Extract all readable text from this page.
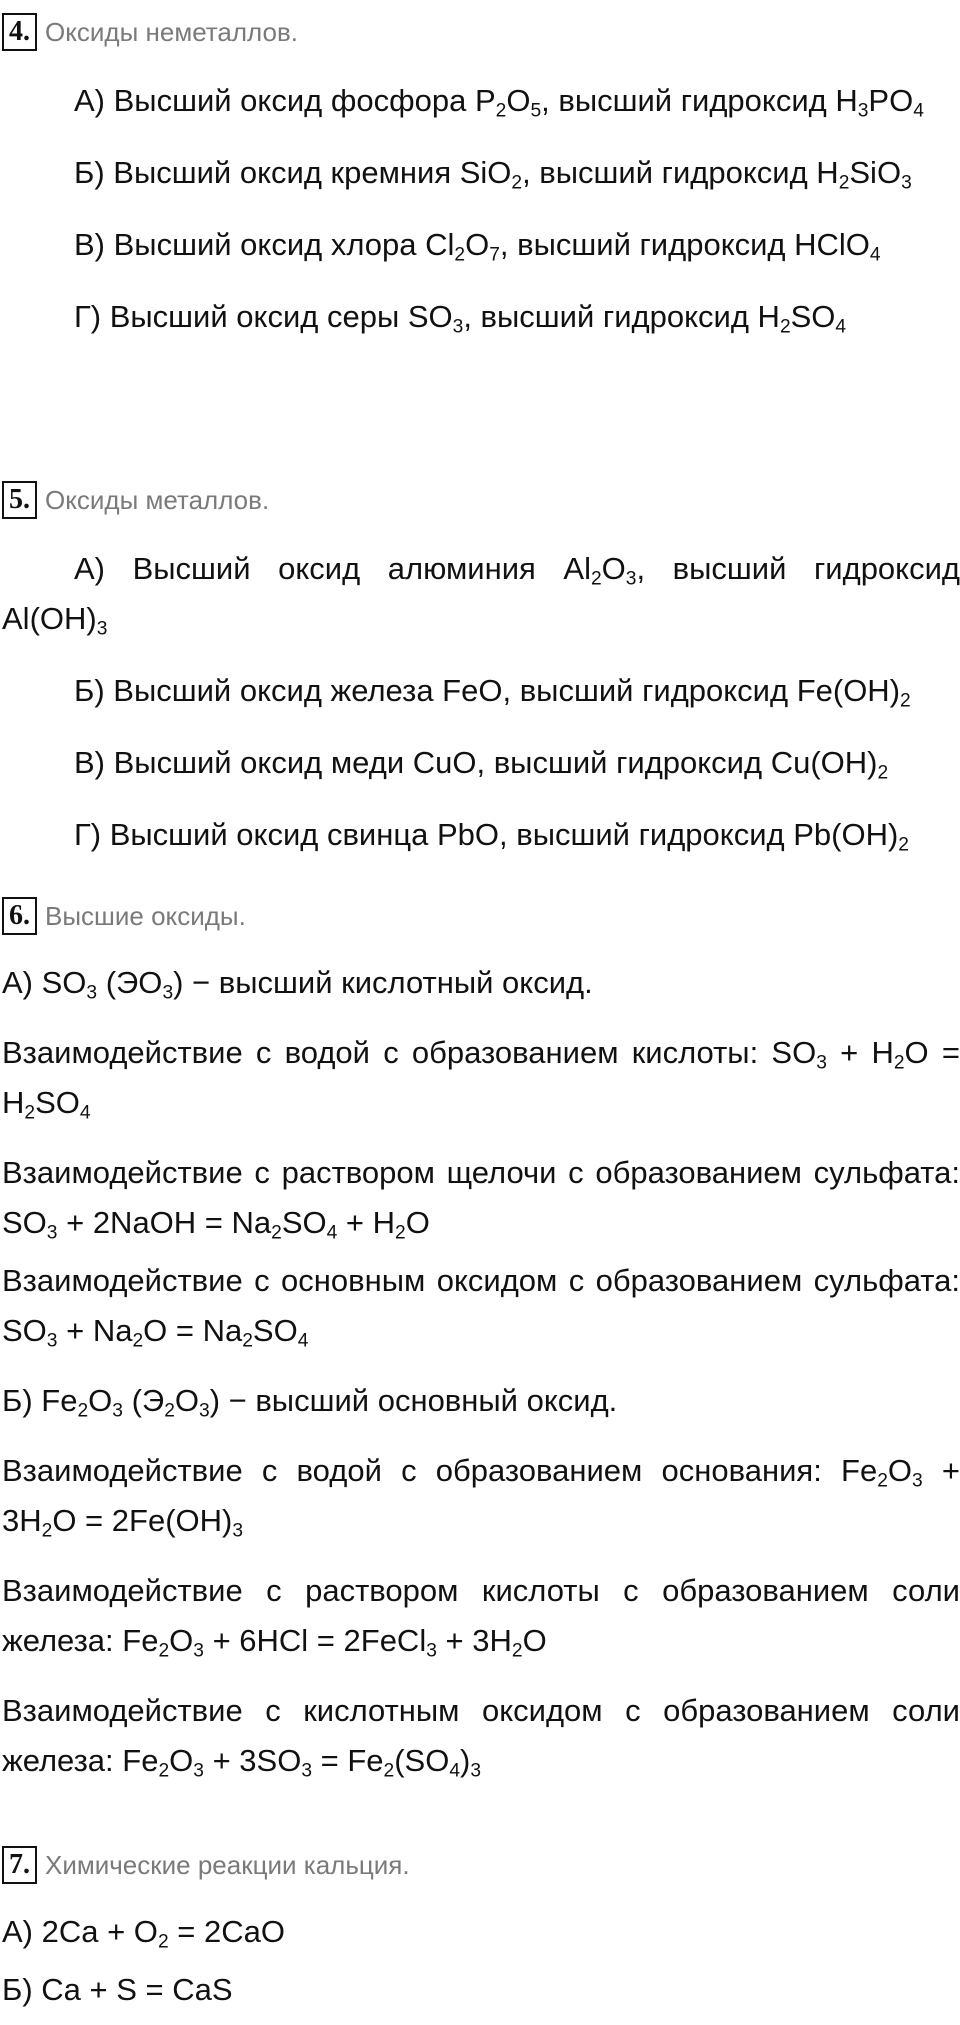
4. Оксиды неметаллов.

А) Высший оксид фосфора $P_2O_5$, высший гидроксид $H_3PO_4$

Б) Высший оксид кремния SiO$_2$, высший гидроксид $H_2SiO_3$

В) Высший оксид хлора $Cl_2O_7$, высший гидроксид HClO$_4$

Г) Высший оксид серы $SO_3$, высший гидроксид $H_2SO_4$

5. Оксиды металлов.

А) Высший оксид алюминия $Al_2O_3$, высший гидроксид $Al(OH)_3$

Б) Высший оксид железа FeO, высший гидроксид $Fe(OH)_2$

В) Высший оксид меди CuO, высший гидроксид $Cu(OH)_2$

Г) Высший оксид свинца PbO, высший гидроксид $Pb(OH)_2$

6. Высшие оксиды.

А) $SO_3$ $(ЭO_3)$ − высший кислотный оксид.

Взаимодействие с водой с образованием кислоты: $SO_3 + H_2O = H_2SO_4$

Взаимодействие с раствором щелочи с образованием сульфата: $SO_3$ + 2NaOH = $Na_2SO_4 + H_2O$

Взаимодействие с основным оксидом с образованием сульфата: $SO_3 + Na_2O = Na_2SO_4$

Б) $Fe_2O_3$ $(Э_2O_3)$ − высший основный оксид.

Взаимодействие с водой с образованием основания: $Fe_2O_3 + 3H_2O = 2Fe(OH)_3$

Взаимодействие с раствором кислоты с образованием соли железа: $Fe_2O_3 + 6HCl$ = 2FeCl$_3$ + $3H_2O$

Взаимодействие с кислотным оксидом с образованием соли железа: $Fe_2O_3 + 3SO_3 = Fe_2(SO_4)_3$

7. Химические реакции кальция.

А) $2Ca + O_2 = 2CaO$

Б) Ca + S = CaS
